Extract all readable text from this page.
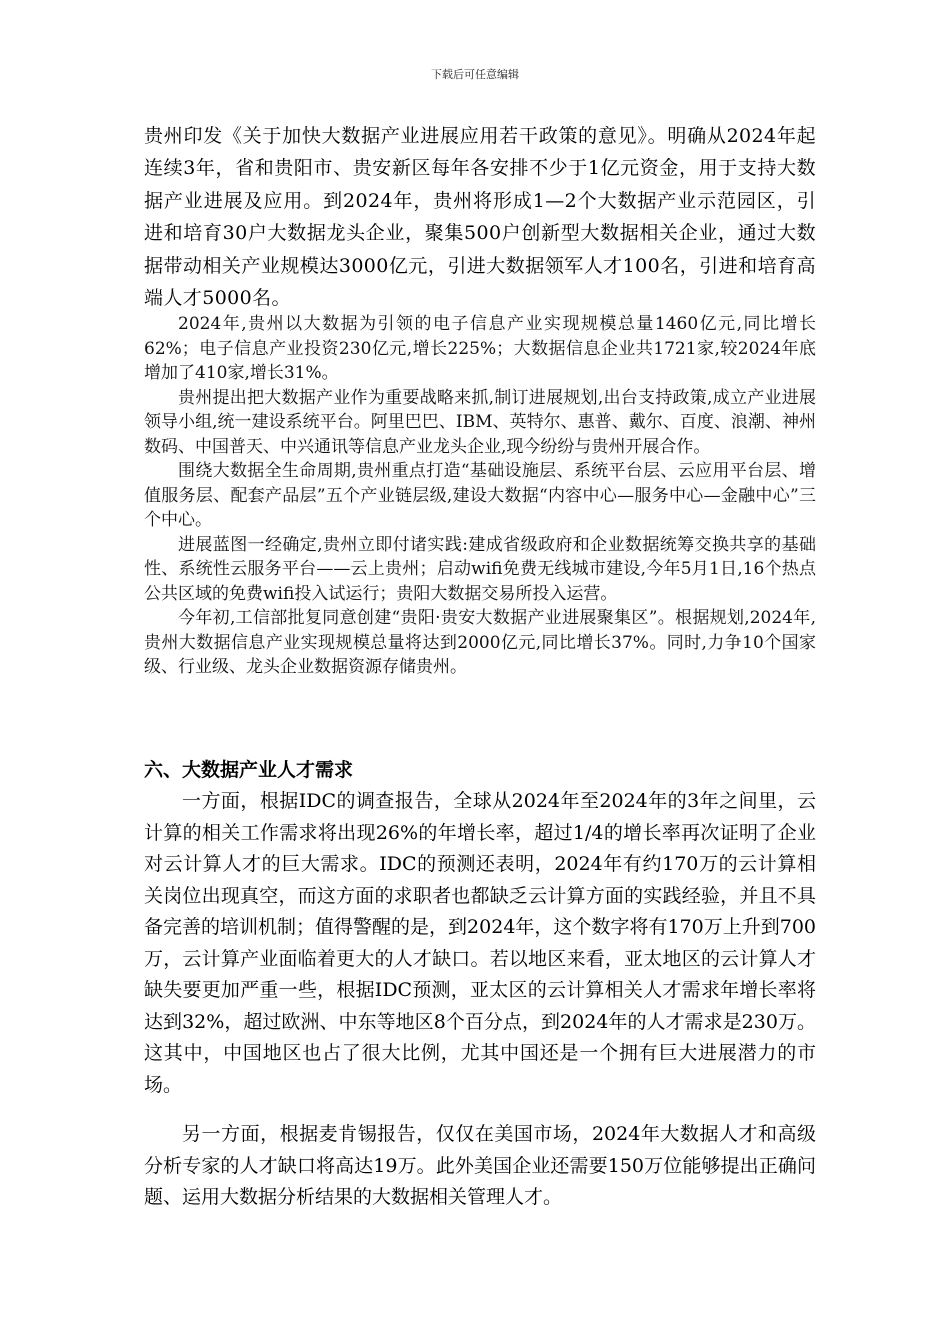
下载后可任意编辑

贵州印发《关于加快大数据产业进展应用若干政策的意见》。明确从2024年起连续3年，省和贵阳市、贵安新区每年各安排不少于1亿元资金，用于支持大数据产业进展及应用。到2024年，贵州将形成1—2个大数据产业示范园区，引进和培育30户大数据龙头企业，聚集500户创新型大数据相关企业，通过大数据带动相关产业规模达3000亿元，引进大数据领军人才100名，引进和培育高端人才5000名。

2024年,贵州以大数据为引领的电子信息产业实现规模总量1460亿元,同比增长62%；电子信息产业投资230亿元,增长225%；大数据信息企业共1721家,较2024年底增加了410家,增长31%。

贵州提出把大数据产业作为重要战略来抓,制订进展规划,出台支持政策,成立产业进展领导小组,统一建设系统平台。阿里巴巴、IBM、英特尔、惠普、戴尔、百度、浪潮、神州数码、中国普天、中兴通讯等信息产业龙头企业,现今纷纷与贵州开展合作。

围绕大数据全生命周期,贵州重点打造“基础设施层、系统平台层、云应用平台层、增值服务层、配套产品层”五个产业链层级,建设大数据“内容中心—服务中心—金融中心”三个中心。

进展蓝图一经确定,贵州立即付诸实践:建成省级政府和企业数据统筹交换共享的基础性、系统性云服务平台——云上贵州；启动wifi免费无线城市建设,今年5月1日,16个热点公共区域的免费wifi投入试运行；贵阳大数据交易所投入运营。

今年初,工信部批复同意创建“贵阳·贵安大数据产业进展聚集区”。根据规划,2024年,贵州大数据信息产业实现规模总量将达到2000亿元,同比增长37%。同时,力争10个国家级、行业级、龙头企业数据资源存储贵州。

六、大数据产业人才需求

一方面，根据IDC的调查报告，全球从2024年至2024年的3年之间里，云计算的相关工作需求将出现26%的年增长率，超过1/4的增长率再次证明了企业对云计算人才的巨大需求。IDC的预测还表明，2024年有约170万的云计算相关岗位出现真空，而这方面的求职者也都缺乏云计算方面的实践经验，并且不具备完善的培训机制；值得警醒的是，到2024年，这个数字将有170万上升到700万，云计算产业面临着更大的人才缺口。若以地区来看，亚太地区的云计算人才缺失要更加严重一些，根据IDC预测，亚太区的云计算相关人才需求年增长率将达到32%，超过欧洲、中东等地区8个百分点，到2024年的人才需求是230万。这其中，中国地区也占了很大比例，尤其中国还是一个拥有巨大进展潜力的市场。

另一方面，根据麦肯锡报告，仅仅在美国市场，2024年大数据人才和高级分析专家的人才缺口将高达19万。此外美国企业还需要150万位能够提出正确问题、运用大数据分析结果的大数据相关管理人才。
